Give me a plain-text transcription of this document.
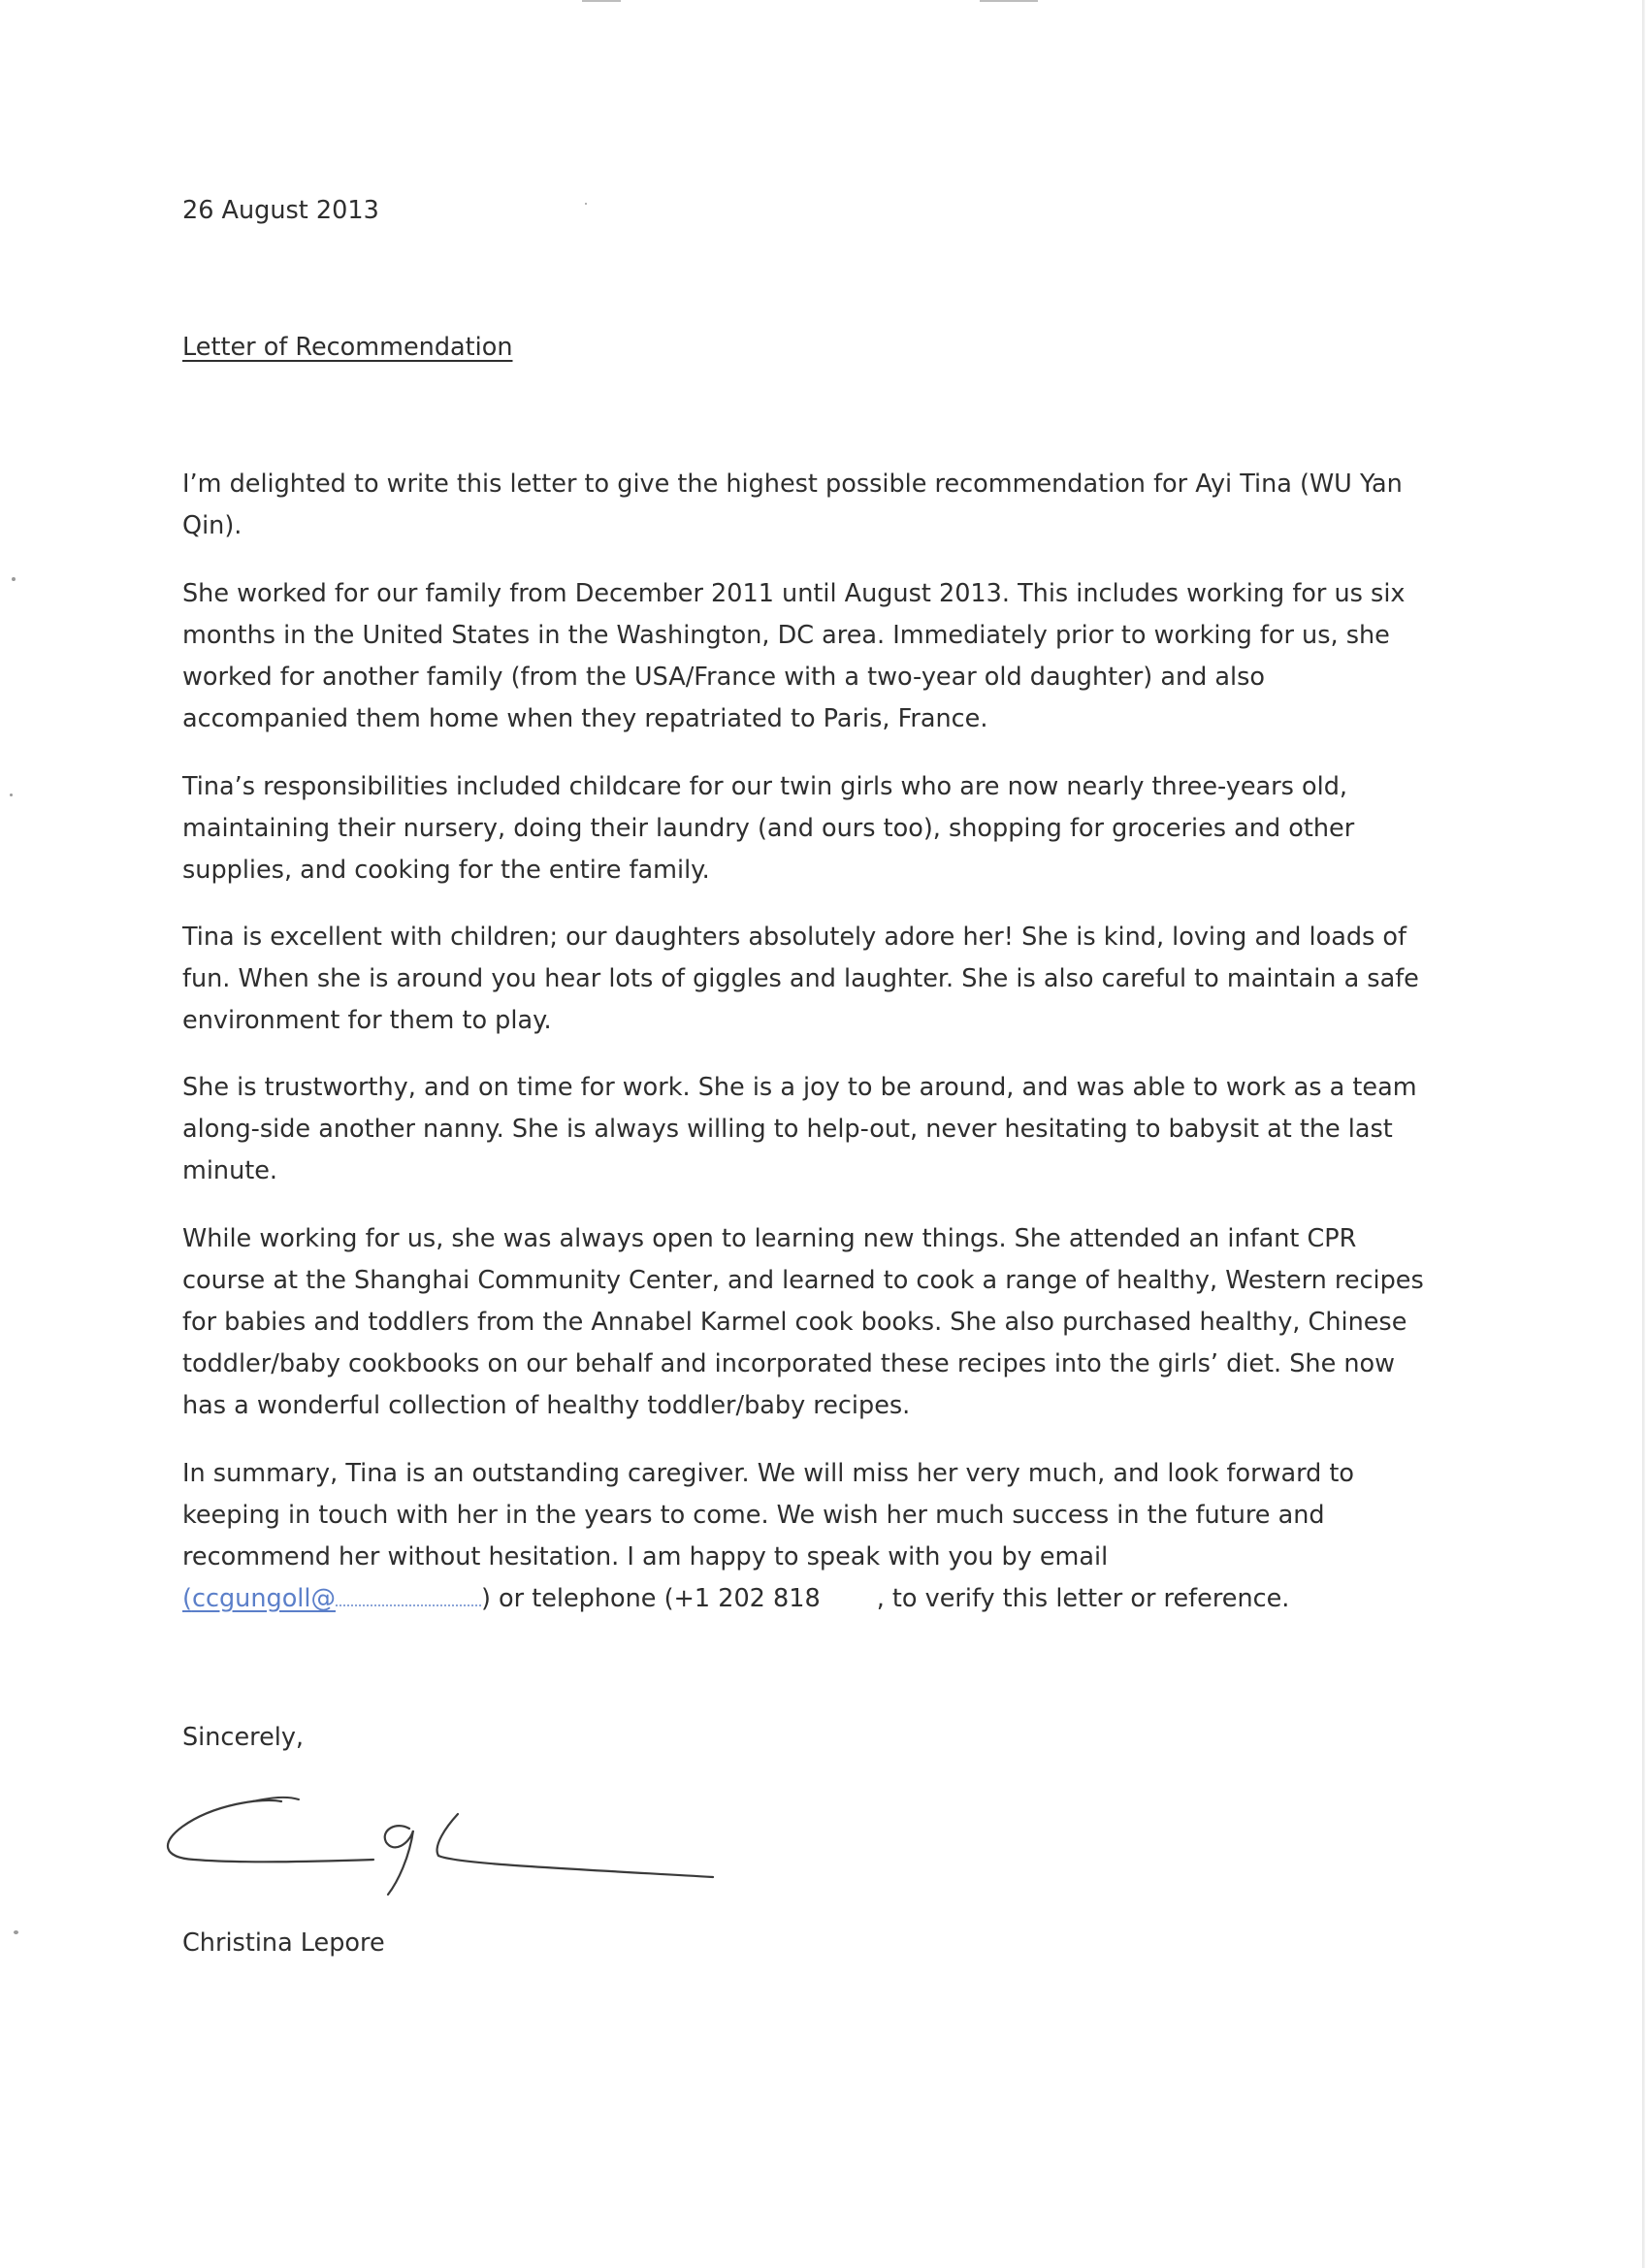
26 August 2013
Letter of Recommendation

I’m delighted to write this letter to give the highest possible recommendation for Ayi Tina (WU Yan

Qin).

She worked for our family from December 2011 until August 2013. This includes working for us six

months in the United States in the Washington, DC area. Immediately prior to working for us, she

worked for another family (from the USA/France with a two-year old daughter) and also

accompanied them home when they repatriated to Paris, France.

Tina’s responsibilities included childcare for our twin girls who are now nearly three-years old,

maintaining their nursery, doing their laundry (and ours too), shopping for groceries and other

supplies, and cooking for the entire family.

Tina is excellent with children; our daughters absolutely adore her! She is kind, loving and loads of

fun. When she is around you hear lots of giggles and laughter. She is also careful to maintain a safe

environment for them to play.

She is trustworthy, and on time for work. She is a joy to be around, and was able to work as a team

along-side another nanny. She is always willing to help-out, never hesitating to babysit at the last

minute.

While working for us, she was always open to learning new things. She attended an infant CPR

course at the Shanghai Community Center, and learned to cook a range of healthy, Western recipes

for babies and toddlers from the Annabel Karmel cook books. She also purchased healthy, Chinese

toddler/baby cookbooks on our behalf and incorporated these recipes into the girls’ diet. She now

has a wonderful collection of healthy toddler/baby recipes.

In summary, Tina is an outstanding caregiver. We will miss her very much, and look forward to

keeping in touch with her in the years to come. We wish her much success in the future and

recommend her without hesitation. I am happy to speak with you by email

(ccgungoll@	) or telephone (+1 202 818 , to verify this letter or reference.

Sincerely,
Christina Lepore
